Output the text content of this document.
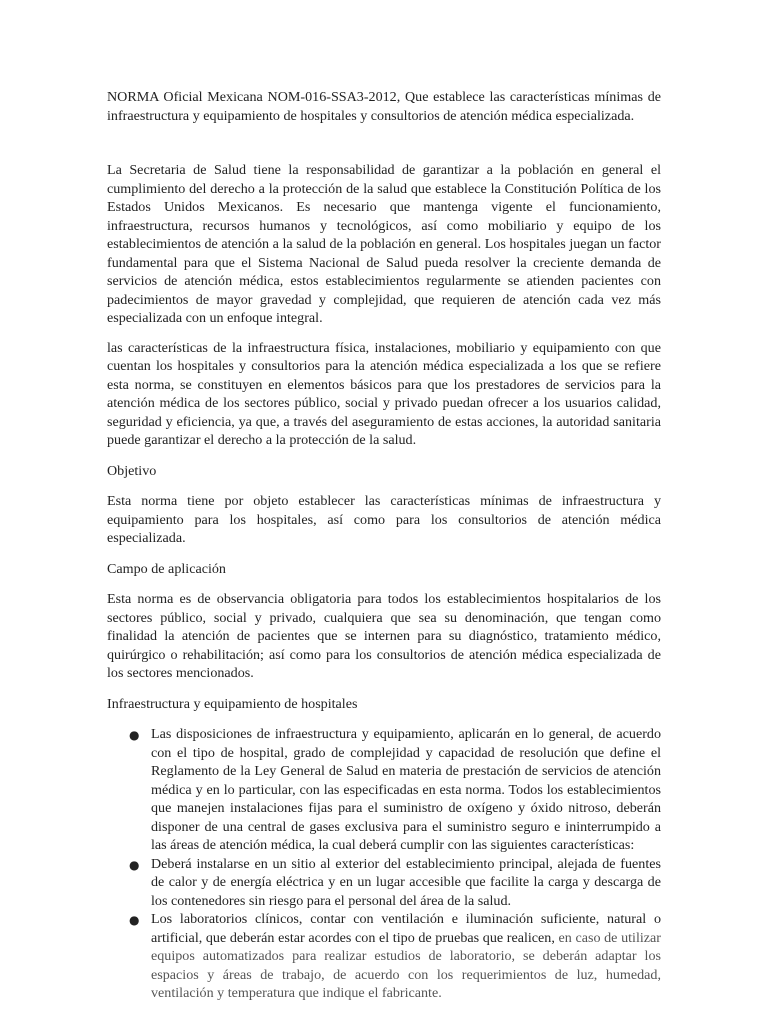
NORMA Oficial Mexicana NOM-016-SSA3-2012, Que establece las características mínimas de infraestructura y equipamiento de hospitales y consultorios de atención médica especializada.

La Secretaria de Salud tiene la responsabilidad de garantizar a la población en general el cumplimiento del derecho a la protección de la salud que establece la Constitución Política de los Estados Unidos Mexicanos. Es necesario que mantenga vigente el funcionamiento, infraestructura, recursos humanos y tecnológicos, así como mobiliario y equipo de los establecimientos de atención a la salud de la población en general. Los hospitales juegan un factor fundamental para que el Sistema Nacional de Salud pueda resolver la creciente demanda de servicios de atención médica, estos establecimientos regularmente se atienden pacientes con padecimientos de mayor gravedad y complejidad, que requieren de atención cada vez más especializada con un enfoque integral.

las características de la infraestructura física, instalaciones, mobiliario y equipamiento con que cuentan los hospitales y consultorios para la atención médica especializada a los que se refiere esta norma, se constituyen en elementos básicos para que los prestadores de servicios para la atención médica de los sectores público, social y privado puedan ofrecer a los usuarios calidad, seguridad y eficiencia, ya que, a través del aseguramiento de estas acciones, la autoridad sanitaria puede garantizar el derecho a la protección de la salud.

Objetivo

Esta norma tiene por objeto establecer las características mínimas de infraestructura y equipamiento para los hospitales, así como para los consultorios de atención médica especializada.

Campo de aplicación

Esta norma es de observancia obligatoria para todos los establecimientos hospitalarios de los sectores público, social y privado, cualquiera que sea su denominación, que tengan como finalidad la atención de pacientes que se internen para su diagnóstico, tratamiento médico, quirúrgico o rehabilitación; así como para los consultorios de atención médica especializada de los sectores mencionados.

Infraestructura y equipamiento de hospitales

● Las disposiciones de infraestructura y equipamiento, aplicarán en lo general, de acuerdo con el tipo de hospital, grado de complejidad y capacidad de resolución que define el Reglamento de la Ley General de Salud en materia de prestación de servicios de atención médica y en lo particular, con las especificadas en esta norma. Todos los establecimientos que manejen instalaciones fijas para el suministro de oxígeno y óxido nitroso, deberán disponer de una central de gases exclusiva para el suministro seguro e ininterrumpido a las áreas de atención médica, la cual deberá cumplir con las siguientes características:

● Deberá instalarse en un sitio al exterior del establecimiento principal, alejada de fuentes de calor y de energía eléctrica y en un lugar accesible que facilite la carga y descarga de los contenedores sin riesgo para el personal del área de la salud.

● Los laboratorios clínicos, contar con ventilación e iluminación suficiente, natural o artificial, que deberán estar acordes con el tipo de pruebas que realicen, en caso de utilizar equipos automatizados para realizar estudios de laboratorio, se deberán adaptar los espacios y áreas de trabajo, de acuerdo con los requerimientos de luz, humedad, ventilación y temperatura que indique el fabricante.
